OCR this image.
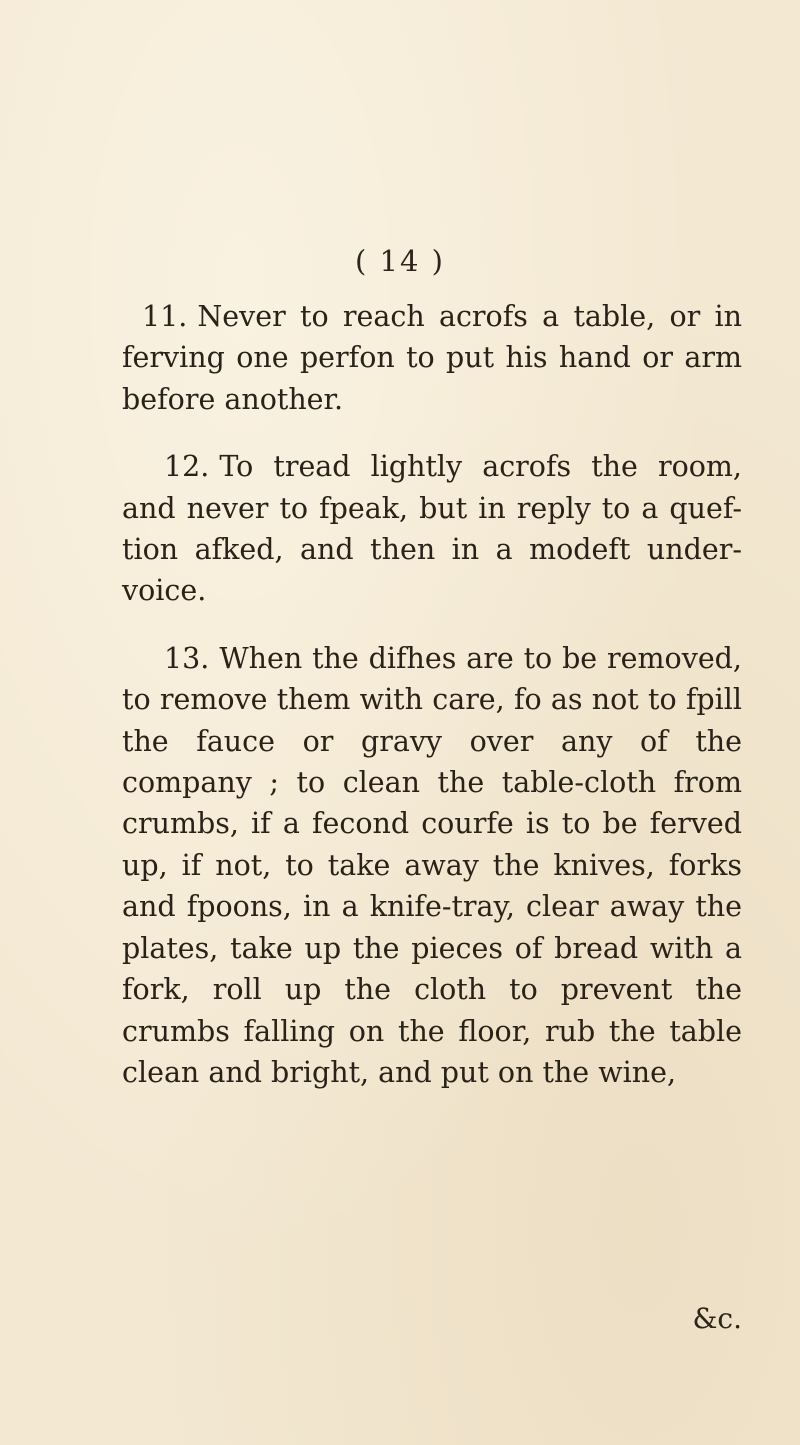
( 14 )

11. Never to reach acrofs a table, or in ferving one perfon to put his hand or arm before another.

12. To tread lightly acrofs the room, and never to fpeak, but in reply to a quef- tion afked, and then in a modeft under- voice.

13. When the difhes are to be removed, to remove them with care, fo as not to fpill the fauce or gravy over any of the company ; to clean the table-cloth from crumbs, if a fecond courfe is to be ferved up, if not, to take away the knives, forks and fpoons, in a knife-tray, clear away the plates, take up the pieces of bread with a fork, roll up the cloth to prevent the crumbs falling on the floor, rub the table clean and bright, and put on the wine,

&c.
